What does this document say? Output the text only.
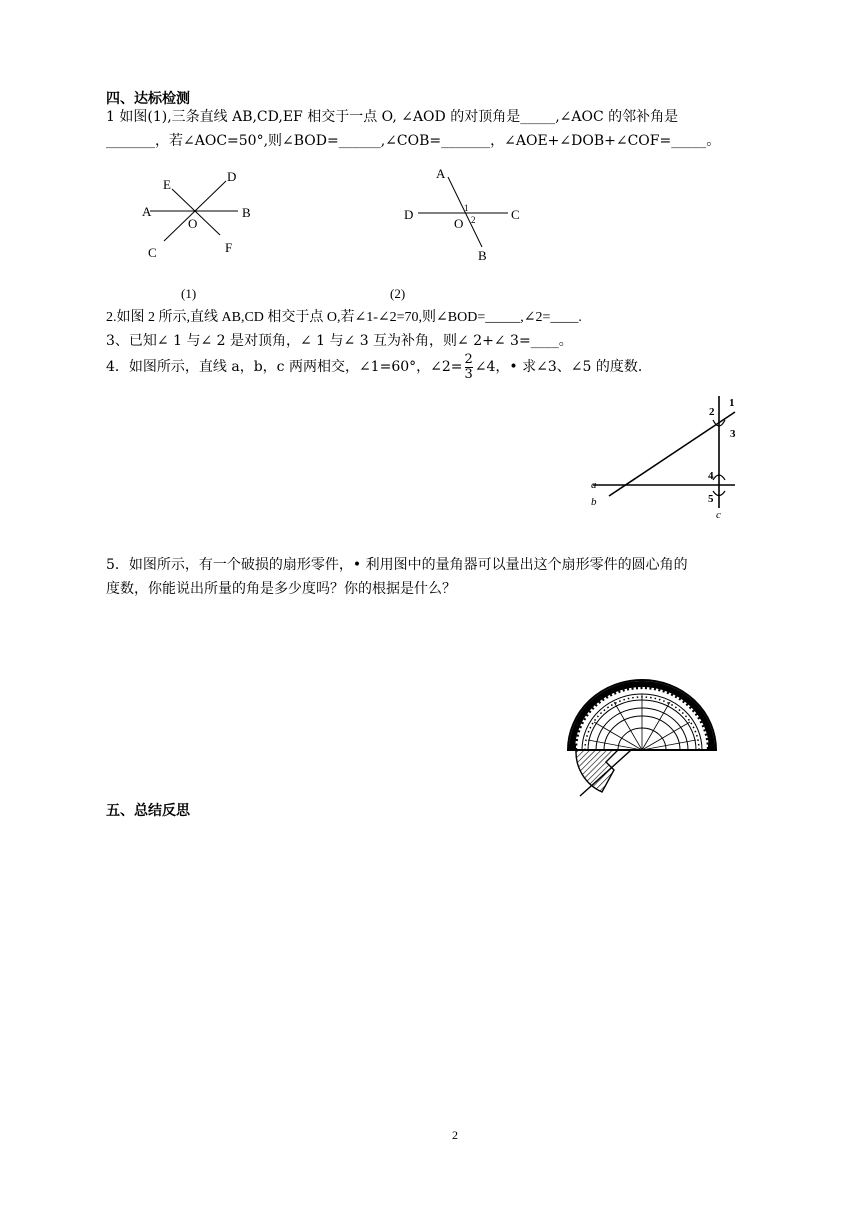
四、达标检测
1 如图(1),三条直线 AB,CD,EF 相交于一点 O, ∠AOD 的对顶角是_____,∠AOC 的邻补角是
_______，若∠AOC=50°,则∠BOD=______,∠COB=_______，∠AOE+∠DOB+∠COF=_____。
E
D
A	B
O
C	F
A
D	C
O
B
1
2
(1)	(2)
2.如图 2 所示,直线 AB,CD 相交于点 O,若∠1-∠2=70,则∠BOD=_____,∠2=____.
3、已知∠ 1 与∠ 2 是对顶角，∠ 1 与∠ 3 互为补角，则∠ 2+∠ 3=____。
4．如图所示，直线 a，b，c 两两相交，∠1=60°，∠2= $\frac{2}{3}$ ∠4，• 求∠3、∠5 的度数．
1
2
3
4
5
a
b
c
5．如图所示，有一个破损的扇形零件，• 利用图中的量角器可以量出这个扇形零件的圆心角的
度数，你能说出所量的角是多少度吗？你的根据是什么？
五、总结反思
2
